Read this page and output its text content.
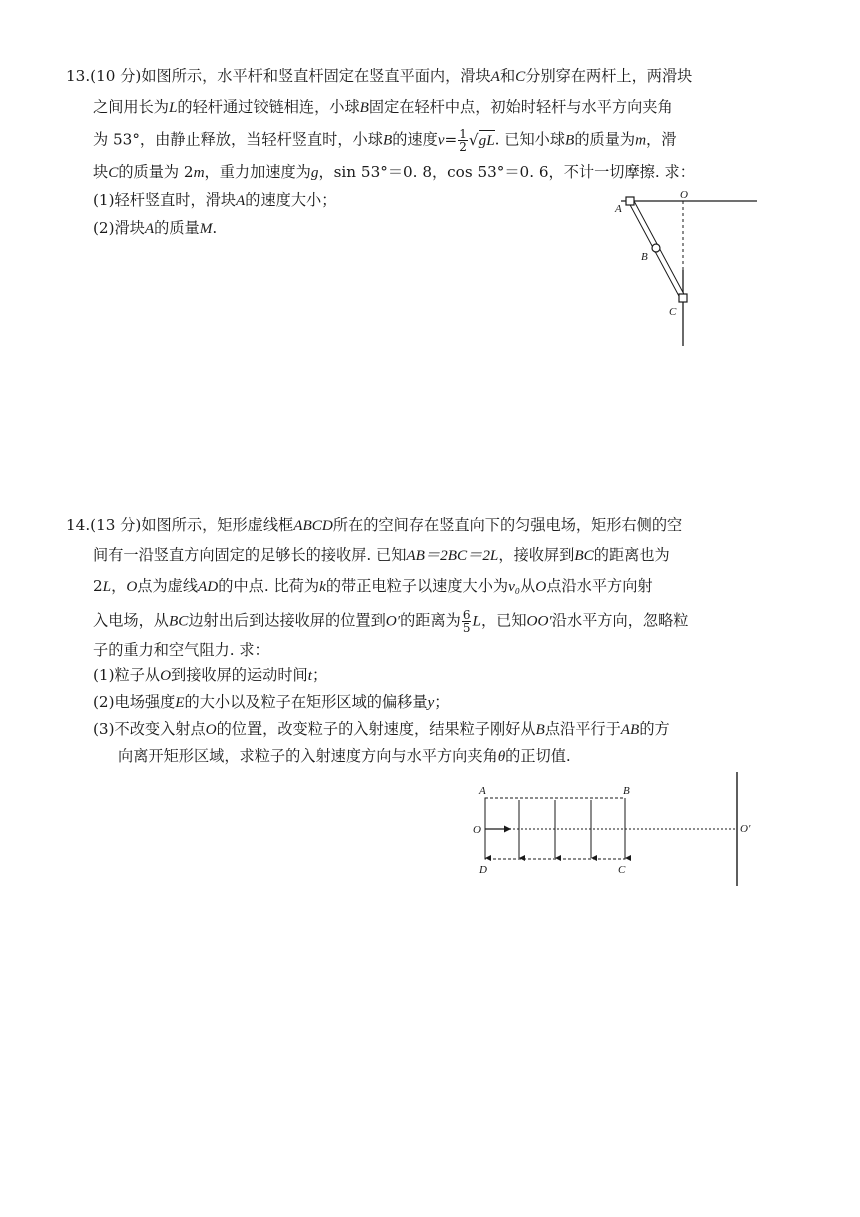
13.(10 分)如图所示，水平杆和竖直杆固定在竖直平面内，滑块A和C分别穿在两杆上，两滑块
之间用长为L的轻杆通过铰链相连，小球B固定在轻杆中点，初始时轻杆与水平方向夹角
为 53°，由静止释放，当轻杆竖直时，小球B的速度$v= \frac{1}{2} √gL$. 已知小球B的质量为m，滑
块C的质量为 2m，重力加速度为g，sin 53°＝0. 8，cos 53°＝0. 6，不计一切摩擦. 求：
(1)轻杆竖直时，滑块A的速度大小；
(2)滑块A的质量M.
A
O
B
C
14.(13 分)如图所示，矩形虚线框ABCD所在的空间存在竖直向下的匀强电场，矩形右侧的空
间有一沿竖直方向固定的足够长的接收屏. 已知AB＝2BC＝2L，接收屏到BC的距离也为
2L，O点为虚线AD的中点. 比荷为k的带正电粒子以速度大小为v₀从O点沿水平方向射
入电场，从BC边射出后到达接收屏的位置到O′的距离为 $\frac{6}{5}$ L，已知OO′沿水平方向，忽略粒
子的重力和空气阻力. 求：
(1)粒子从O到接收屏的运动时间t；
(2)电场强度E的大小以及粒子在矩形区域的偏移量y；
(3)不改变入射点O的位置，改变粒子的入射速度，结果粒子刚好从B点沿平行于AB的方
向离开矩形区域，求粒子的入射速度方向与水平方向夹角θ的正切值.
A	B
O	O′
D	C
